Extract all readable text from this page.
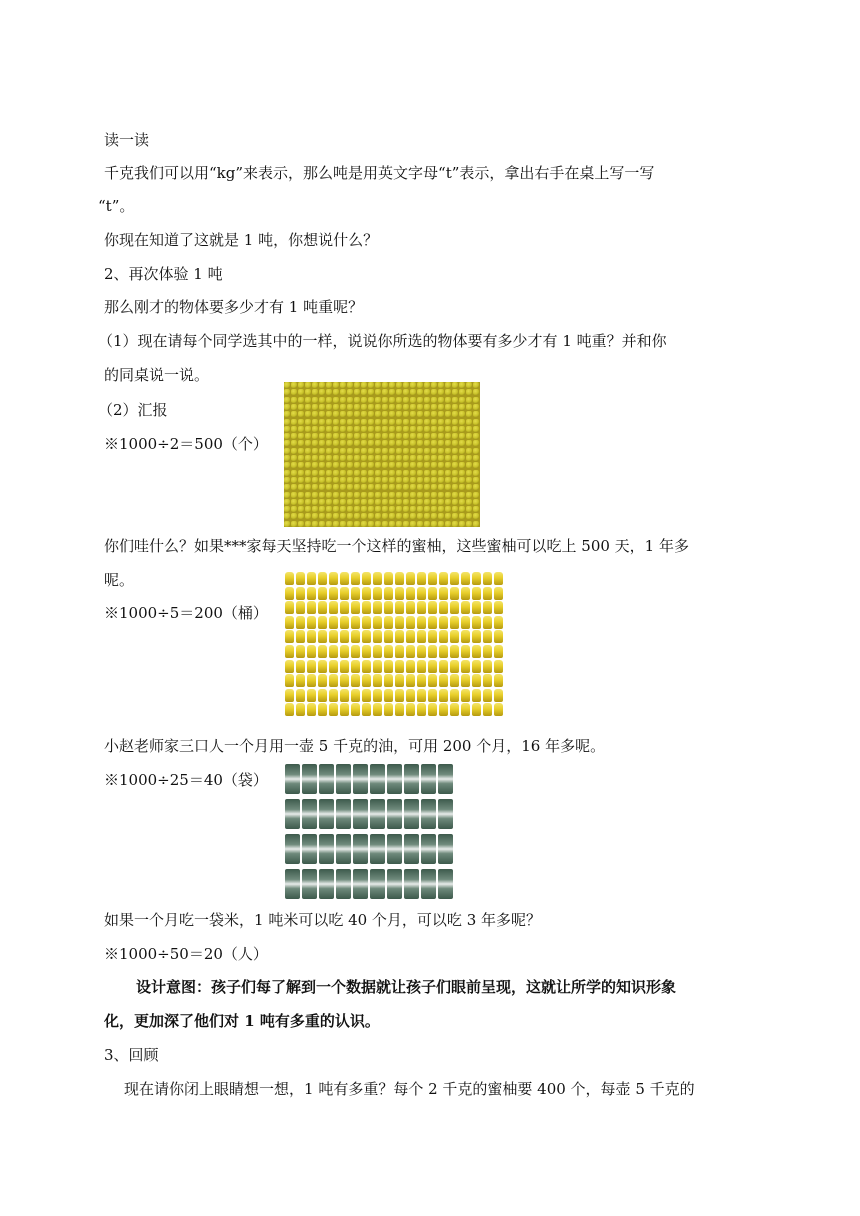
读一读
千克我们可以用“kg”来表示，那么吨是用英文字母“t”表示，拿出右手在桌上写一写
“t”。
你现在知道了这就是 1 吨，你想说什么？
2、再次体验 1 吨
那么刚才的物体要多少才有 1 吨重呢？
（1）现在请每个同学选其中的一样，说说你所选的物体要有多少才有 1 吨重？并和你
的同桌说一说。
（2）汇报
※1000÷2＝500（个）
你们哇什么？如果***家每天坚持吃一个这样的蜜柚，这些蜜柚可以吃上 500 天，1 年多
呢。
※1000÷5＝200（桶）
小赵老师家三口人一个月用一壶 5 千克的油，可用 200 个月，16 年多呢。
※1000÷25＝40（袋）
如果一个月吃一袋米，1 吨米可以吃 40 个月，可以吃 3 年多呢？
※1000÷50＝20（人）
设计意图：孩子们每了解到一个数据就让孩子们眼前呈现，这就让所学的知识形象
化，更加深了他们对 1 吨有多重的认识。
3、回顾
现在请你闭上眼睛想一想，1 吨有多重？每个 2 千克的蜜柚要 400 个，每壶 5 千克的
